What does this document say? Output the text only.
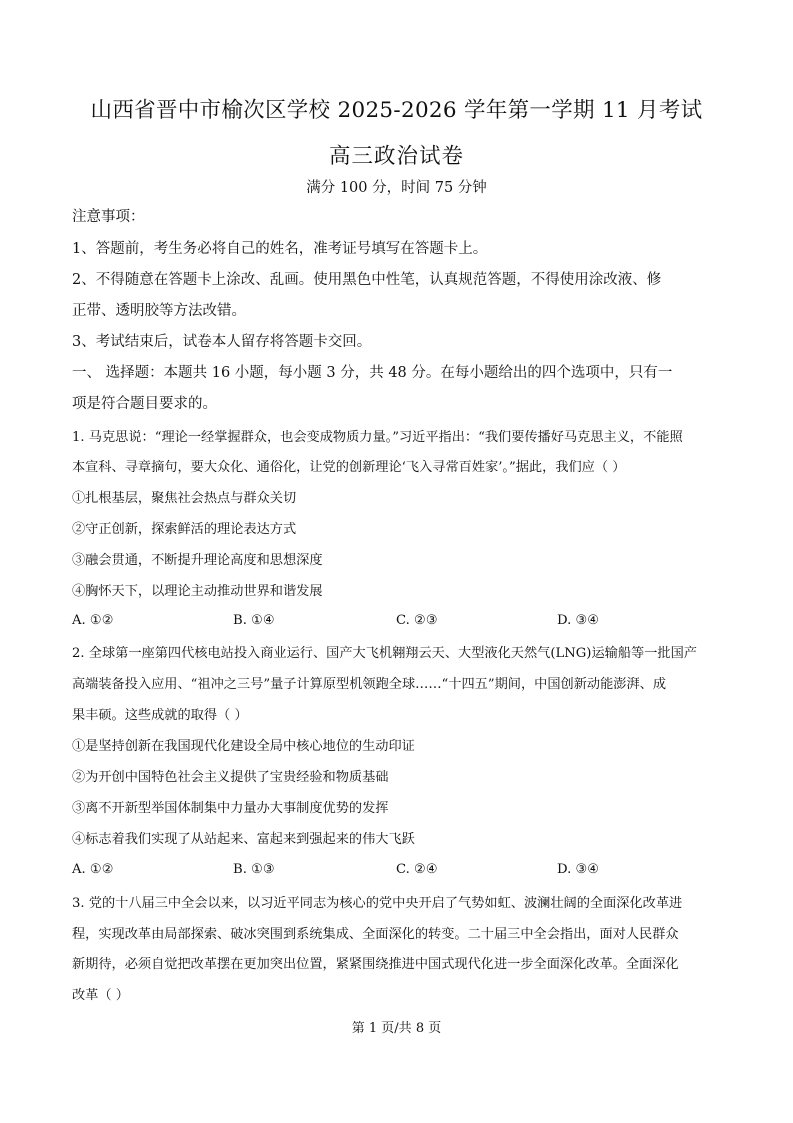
山西省晋中市榆次区学校 2025-2026 学年第一学期 11 月考试
高三政治试卷

满分 100 分，时间 75 分钟

注意事项：

1、答题前，考生务必将自己的姓名，准考证号填写在答题卡上。

2、不得随意在答题卡上涂改、乱画。使用黑色中性笔，认真规范答题，不得使用涂改液、修

正带、透明胶等方法改错。

3、考试结束后，试卷本人留存将答题卡交回。

一、 选择题：本题共 16 小题，每小题 3 分，共 48 分。在每小题给出的四个选项中，只有一

项是符合题目要求的。

1. 马克思说：“理论一经掌握群众，也会变成物质力量。”习近平指出：“我们要传播好马克思主义，不能照

本宣科、寻章摘句，要大众化、通俗化，让党的创新理论‘飞入寻常百姓家’。”据此，我们应（ ）

①扎根基层，聚焦社会热点与群众关切

②守正创新，探索鲜活的理论表达方式

③融会贯通，不断提升理论高度和思想深度

④胸怀天下，以理论主动推动世界和谐发展

A. ①②	B. ①④	C. ②③	D. ③④

2. 全球第一座第四代核电站投入商业运行、国产大飞机翱翔云天、大型液化天然气(LNG)运输船等一批国产

高端装备投入应用、“祖冲之三号”量子计算原型机领跑全球……“十四五”期间，中国创新动能澎湃、成

果丰硕。这些成就的取得（ ）

①是坚持创新在我国现代化建设全局中核心地位的生动印证

②为开创中国特色社会主义提供了宝贵经验和物质基础

③离不开新型举国体制集中力量办大事制度优势的发挥

④标志着我们实现了从站起来、富起来到强起来的伟大飞跃

A. ①②	B. ①③	C. ②④	D. ③④

3. 党的十八届三中全会以来，以习近平同志为核心的党中央开启了气势如虹、波澜壮阔的全面深化改革进

程，实现改革由局部探索、破冰突围到系统集成、全面深化的转变。二十届三中全会指出，面对人民群众

新期待，必须自觉把改革摆在更加突出位置，紧紧围绕推进中国式现代化进一步全面深化改革。全面深化

改革（ ）

第 1 页/共 8 页
